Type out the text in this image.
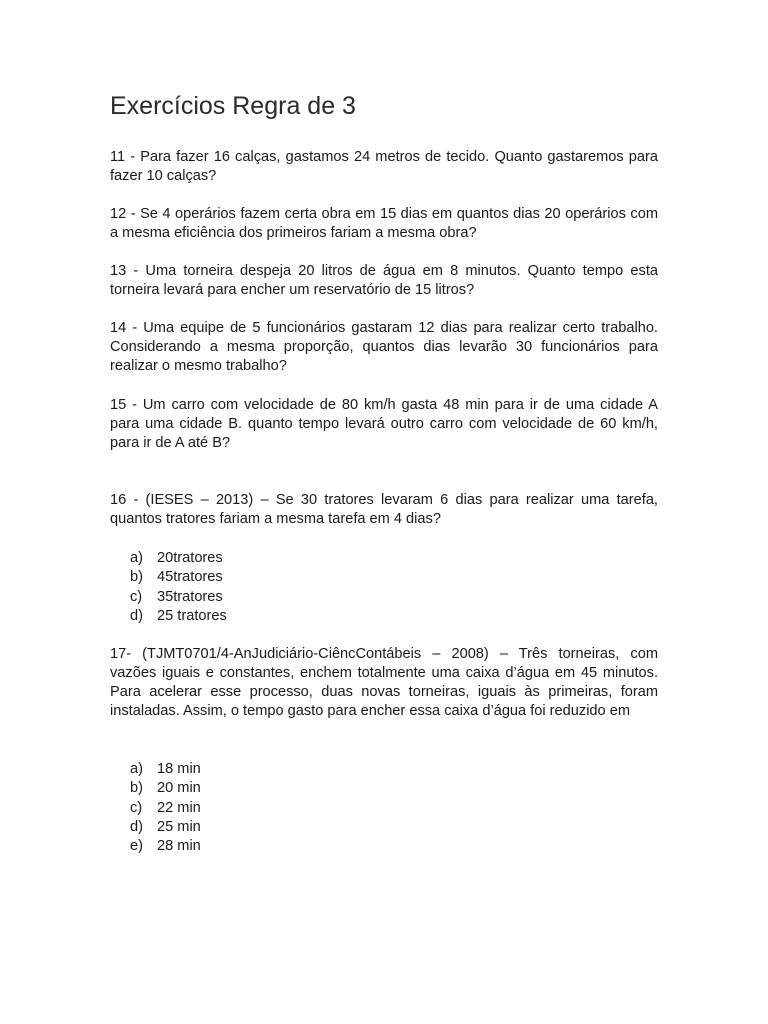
Exercícios Regra de 3

11 - Para fazer 16 calças, gastamos 24 metros de tecido. Quanto gastaremos para fazer 10 calças?

12 - Se 4 operários fazem certa obra em 15 dias em quantos dias 20 operários com a mesma eficiência dos primeiros fariam a mesma obra?

13 - Uma torneira despeja 20 litros de água em 8 minutos. Quanto tempo esta torneira levará para encher um reservatório de 15 litros?

14 - Uma equipe de 5 funcionários gastaram 12 dias para realizar certo trabalho. Considerando a mesma proporção, quantos dias levarão 30 funcionários para realizar o mesmo trabalho?

15 - Um carro com velocidade de 80 km/h gasta 48 min para ir de uma cidade A para uma cidade B. quanto tempo levará outro carro com velocidade de 60 km/h, para ir de A até B?

16 - (IESES – 2013) – Se 30 tratores levaram 6 dias para realizar uma tarefa, quantos tratores fariam a mesma tarefa em 4 dias?

a) 20tratores
b) 45tratores
c)	35tratores
d) 25 tratores

17- (TJMT0701/4-AnJudiciário-CiêncContábeis – 2008) – Três torneiras, com vazões iguais e constantes, enchem totalmente uma caixa d’água em 45 minutos. Para acelerar esse processo, duas novas torneiras, iguais às primeiras, foram instaladas. Assim, o tempo gasto para encher essa caixa d’água foi reduzido em

a) 18 min
b) 20 min
c)	22 min
d) 25 min
e) 28 min
